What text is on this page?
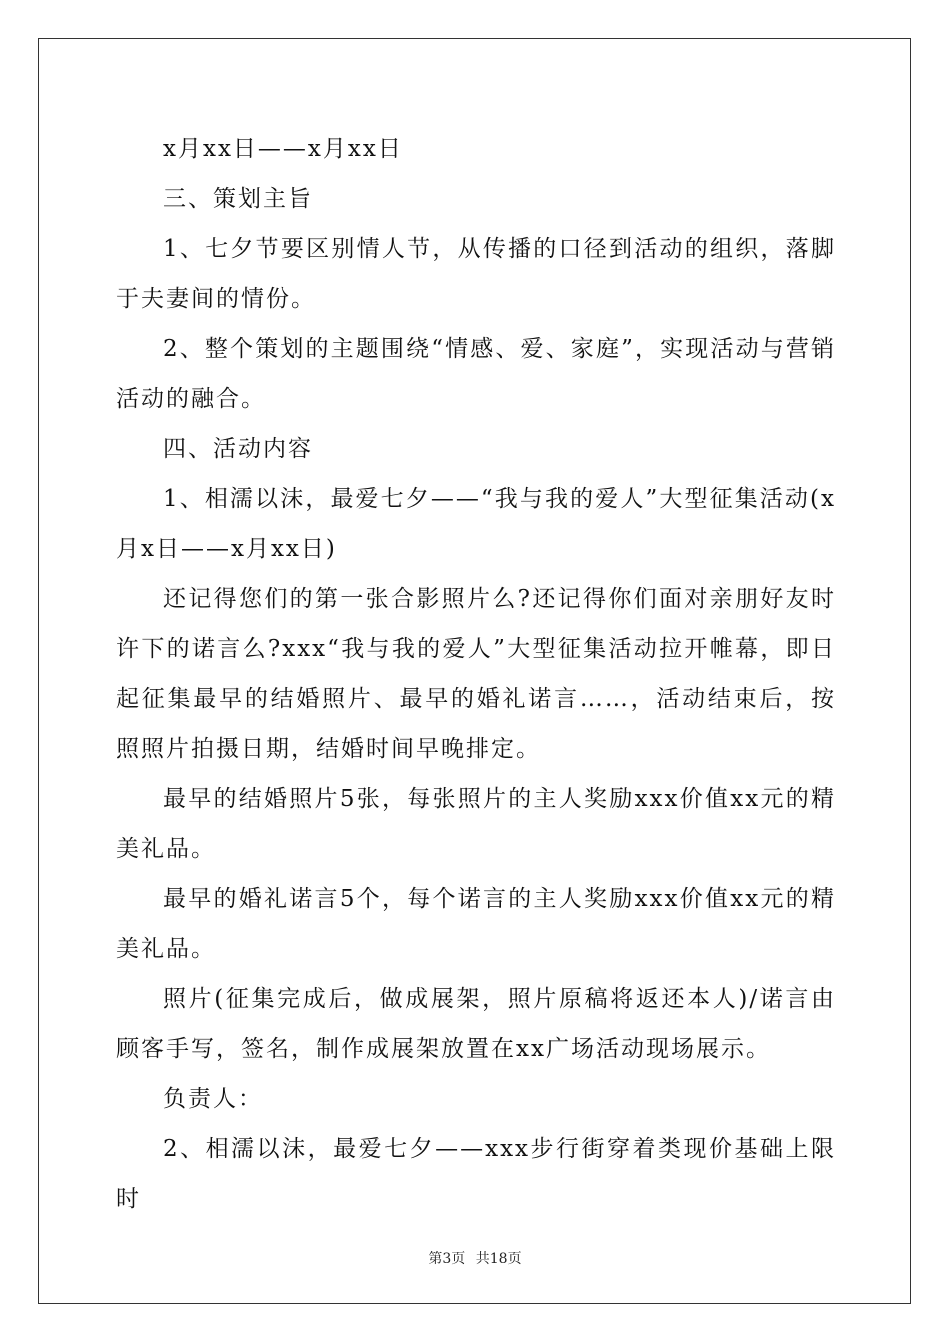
x月xx日——x月xx日

三、策划主旨

1、七夕节要区别情人节，从传播的口径到活动的组织，落脚于夫妻间的情份。

2、整个策划的主题围绕“情感、爱、家庭”，实现活动与营销活动的融合。

四、活动内容

1、相濡以沫，最爱七夕——“我与我的爱人”大型征集活动(x月x日——x月xx日)

还记得您们的第一张合影照片么?还记得你们面对亲朋好友时许下的诺言么?xxx“我与我的爱人”大型征集活动拉开帷幕，即日起征集最早的结婚照片、最早的婚礼诺言……，活动结束后，按照照片拍摄日期，结婚时间早晚排定。

最早的结婚照片5张，每张照片的主人奖励xxx价值xx元的精美礼品。

最早的婚礼诺言5个，每个诺言的主人奖励xxx价值xx元的精美礼品。

照片(征集完成后，做成展架，照片原稿将返还本人)/诺言由顾客手写，签名，制作成展架放置在xx广场活动现场展示。

负责人：

2、相濡以沫，最爱七夕——xxx步行街穿着类现价基础上限时

第3页 共18页
